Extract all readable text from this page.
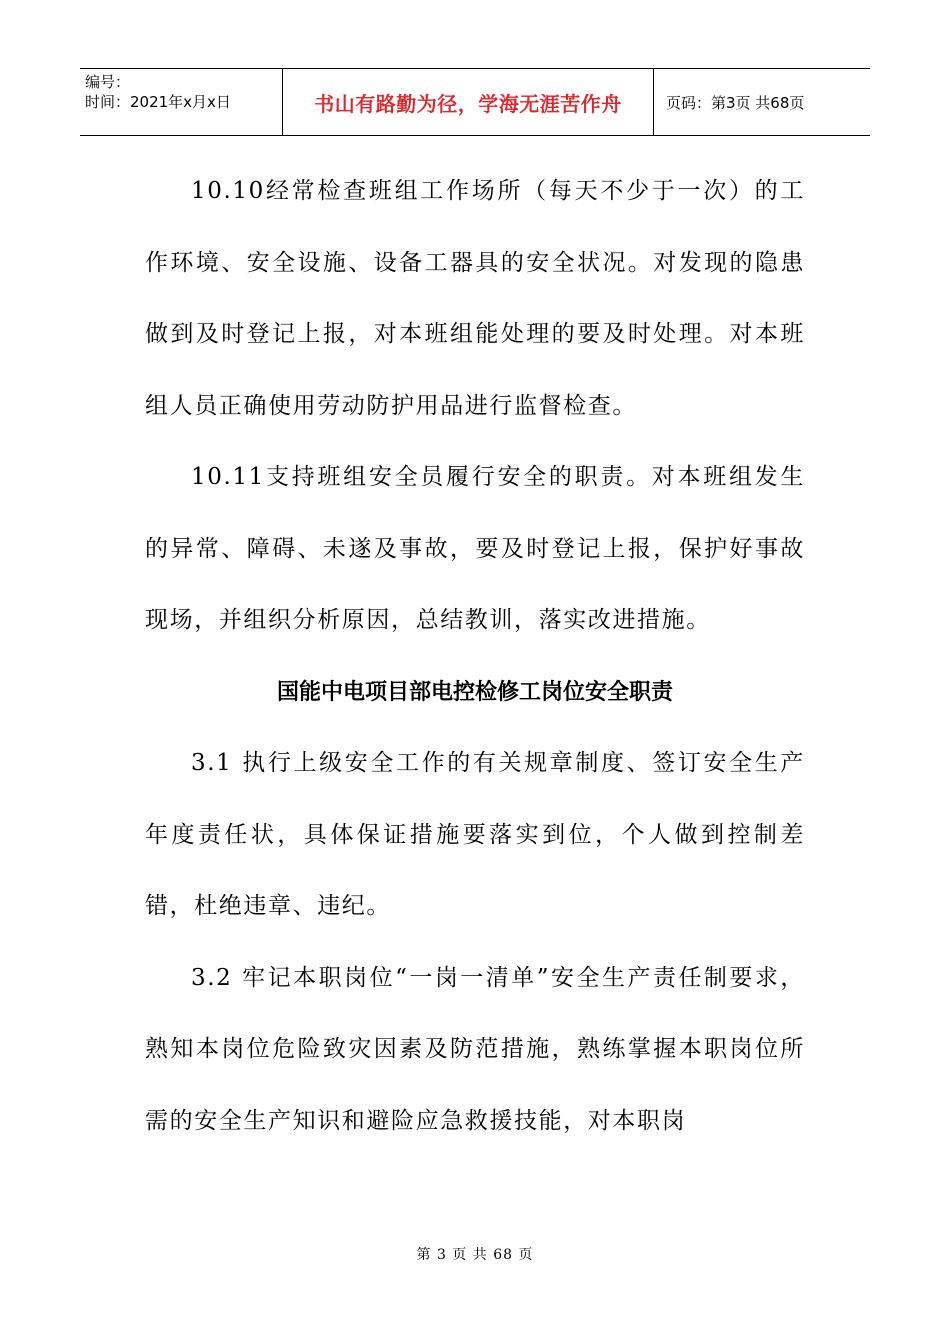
编号：
时间：2021年x月x日	书山有路勤为径，学海无涯苦作舟	页码：第3页 共68页

10.10经常检查班组工作场所（每天不少于一次）的工作环境、安全设施、设备工器具的安全状况。对发现的隐患做到及时登记上报，对本班组能处理的要及时处理。对本班组人员正确使用劳动防护用品进行监督检查。

10.11支持班组安全员履行安全的职责。对本班组发生的异常、障碍、未遂及事故，要及时登记上报，保护好事故现场，并组织分析原因，总结教训，落实改进措施。

国能中电项目部电控检修工岗位安全职责

3.1 执行上级安全工作的有关规章制度、签订安全生产年度责任状，具体保证措施要落实到位，个人做到控制差错，杜绝违章、违纪。

3.2 牢记本职岗位“一岗一清单”安全生产责任制要求，熟知本岗位危险致灾因素及防范措施，熟练掌握本职岗位所需的安全生产知识和避险应急救援技能，对本职岗

第 3 页 共 68 页
